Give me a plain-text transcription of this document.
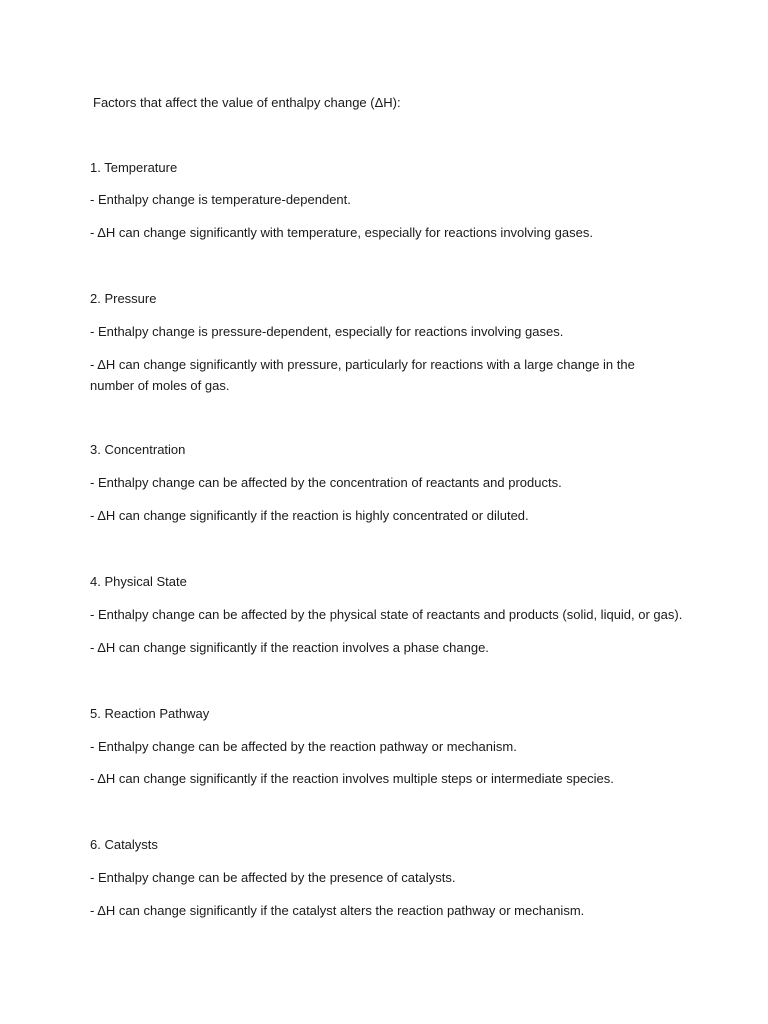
Factors that affect the value of enthalpy change (ΔH):
1. Temperature
- Enthalpy change is temperature-dependent.
- ΔH can change significantly with temperature, especially for reactions involving gases.
2. Pressure
- Enthalpy change is pressure-dependent, especially for reactions involving gases.
- ΔH can change significantly with pressure, particularly for reactions with a large change in the number of moles of gas.
3. Concentration
- Enthalpy change can be affected by the concentration of reactants and products.
- ΔH can change significantly if the reaction is highly concentrated or diluted.
4. Physical State
- Enthalpy change can be affected by the physical state of reactants and products (solid, liquid, or gas).
- ΔH can change significantly if the reaction involves a phase change.
5. Reaction Pathway
- Enthalpy change can be affected by the reaction pathway or mechanism.
- ΔH can change significantly if the reaction involves multiple steps or intermediate species.
6. Catalysts
- Enthalpy change can be affected by the presence of catalysts.
- ΔH can change significantly if the catalyst alters the reaction pathway or mechanism.
